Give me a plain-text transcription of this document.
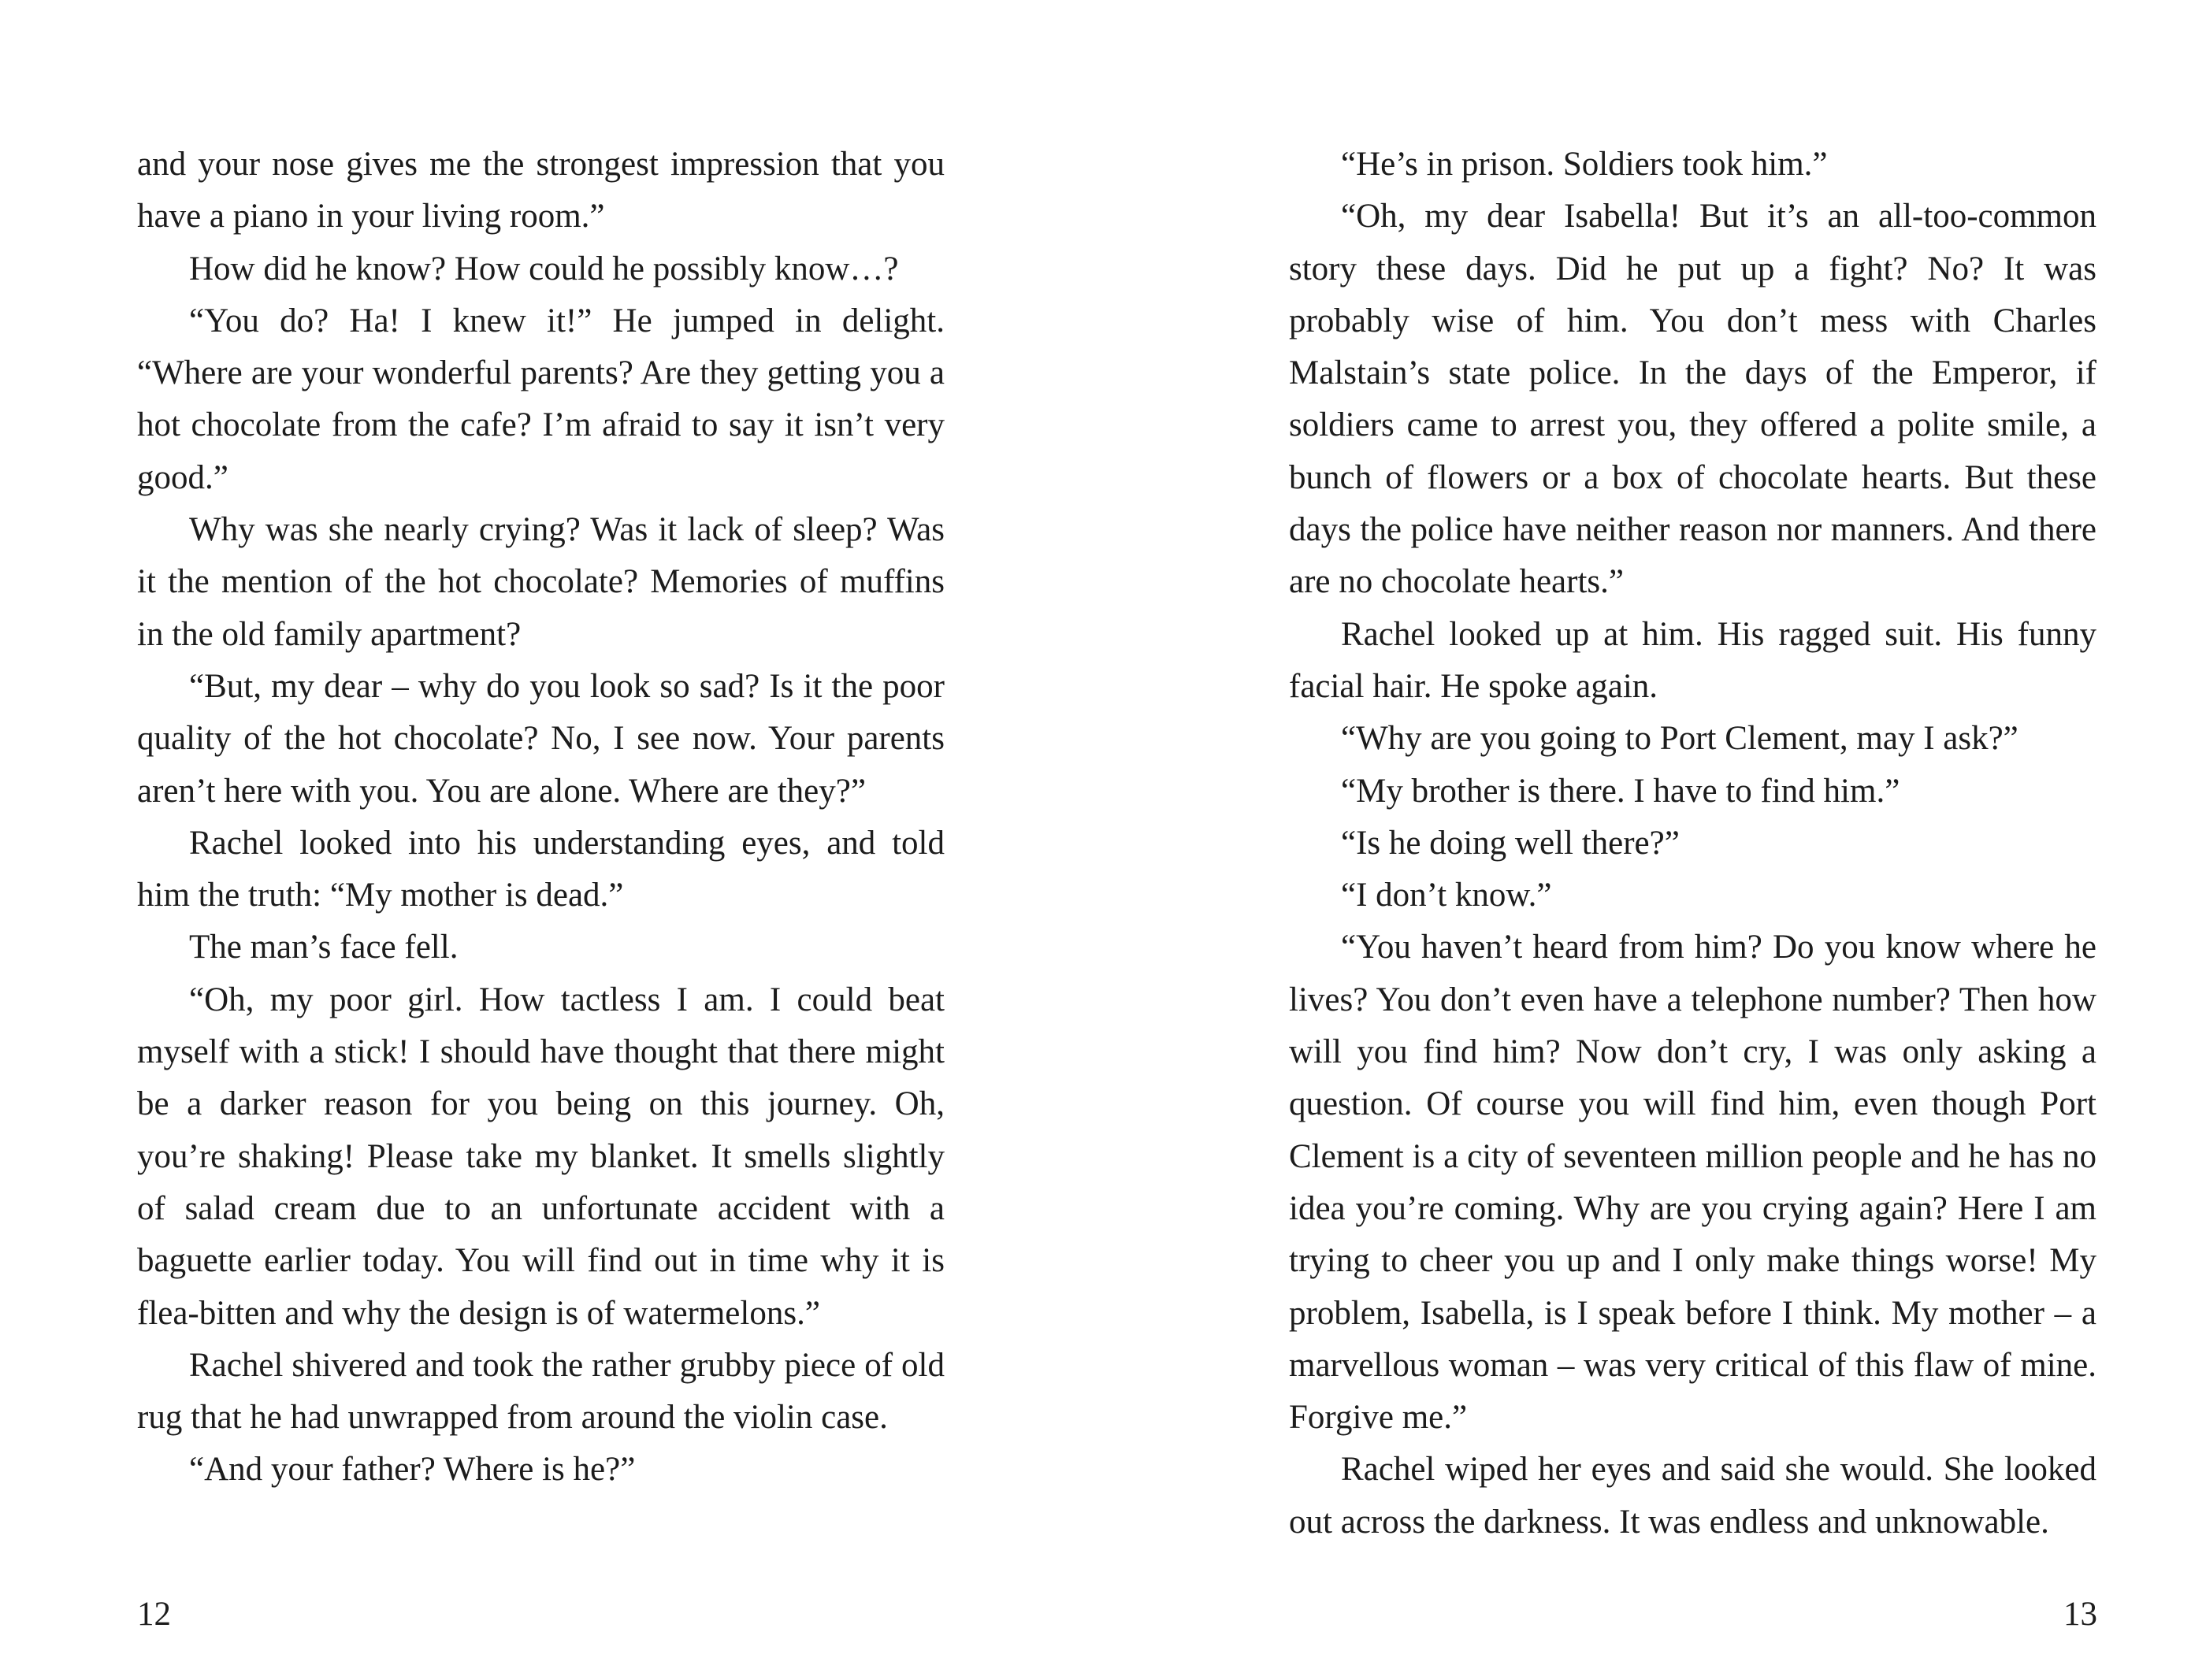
and your nose gives me the strongest impression that you have a piano in your living room.”

How did he know? How could he possibly know…?

“You do? Ha! I knew it!” He jumped in delight. “Where are your wonderful parents? Are they getting you a hot chocolate from the cafe? I’m afraid to say it isn’t very good.”

Why was she nearly crying? Was it lack of sleep? Was it the mention of the hot chocolate? Memories of muffins in the old family apartment?

“But, my dear – why do you look so sad? Is it the poor quality of the hot chocolate? No, I see now. Your parents aren’t here with you. You are alone. Where are they?”

Rachel looked into his understanding eyes, and told him the truth: “My mother is dead.”

The man’s face fell.

“Oh, my poor girl. How tactless I am. I could beat myself with a stick! I should have thought that there might be a darker reason for you being on this journey. Oh, you’re shaking! Please take my blanket. It smells slightly of salad cream due to an unfortunate accident with a baguette earlier today. You will find out in time why it is flea-bitten and why the design is of watermelons.”

Rachel shivered and took the rather grubby piece of old rug that he had unwrapped from around the violin case.

“And your father? Where is he?”

12

“He’s in prison. Soldiers took him.”

“Oh, my dear Isabella! But it’s an all-too-common story these days. Did he put up a fight? No? It was probably wise of him. You don’t mess with Charles Malstain’s state police. In the days of the Emperor, if soldiers came to arrest you, they offered a polite smile, a bunch of flowers or a box of chocolate hearts. But these days the police have neither reason nor manners. And there are no chocolate hearts.”

Rachel looked up at him. His ragged suit. His funny facial hair. He spoke again.

“Why are you going to Port Clement, may I ask?”

“My brother is there. I have to find him.”

“Is he doing well there?”

“I don’t know.”

“You haven’t heard from him? Do you know where he lives? You don’t even have a telephone number? Then how will you find him? Now don’t cry, I was only asking a question. Of course you will find him, even though Port Clement is a city of seventeen million people and he has no idea you’re coming. Why are you crying again? Here I am trying to cheer you up and I only make things worse! My problem, Isabella, is I speak before I think. My mother – a marvellous woman – was very critical of this flaw of mine. Forgive me.”

Rachel wiped her eyes and said she would. She looked out across the darkness. It was endless and unknowable.

13
